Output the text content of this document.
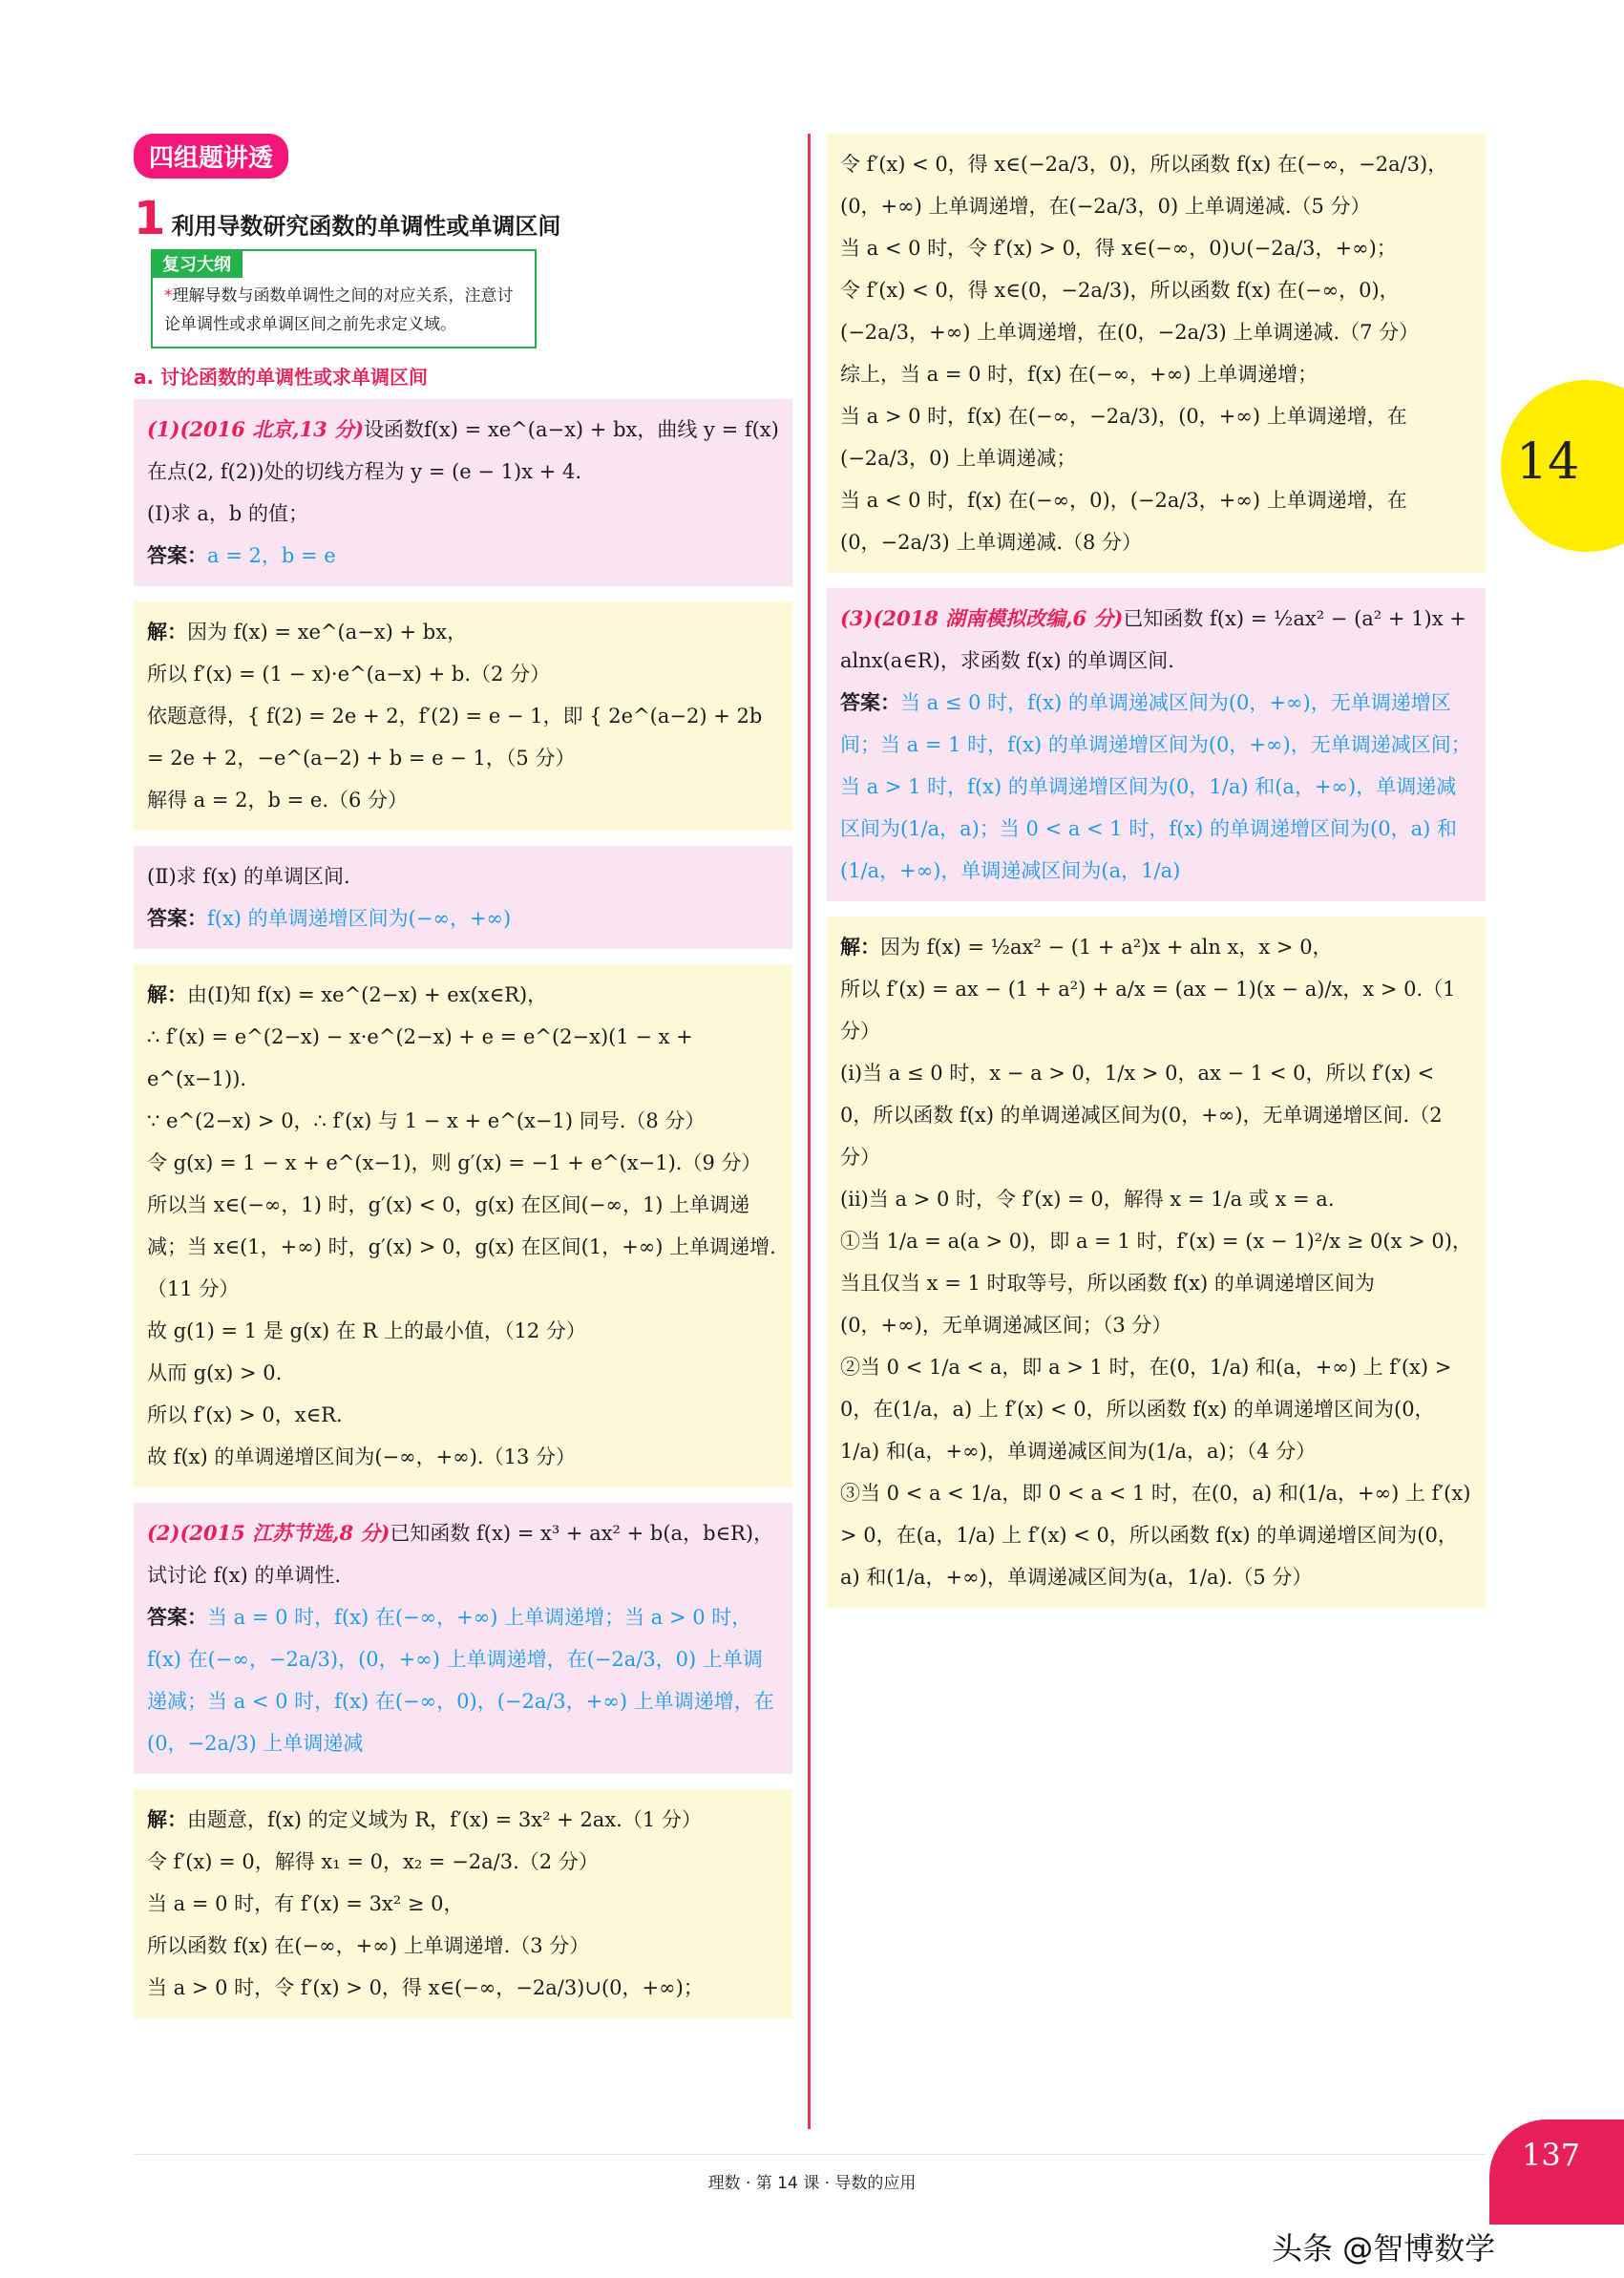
四组题讲透
1 利用导数研究函数的单调性或单调区间
复习大纲
*理解导数与函数单调性之间的对应关系，注意讨论单调性或求单调区间之前先求定义域。
a. 讨论函数的单调性或求单调区间

(1)(2016 北京,13 分)设函数f(x) = xe^(a−x) + bx，曲线 y = f(x) 在点(2, f(2))处的切线方程为 y = (e − 1)x + 4.

(Ⅰ)求 a，b 的值；

答案：a = 2，b = e

解：因为 f(x) = xe^(a−x) + bx，

所以 f′(x) = (1 − x)·e^(a−x) + b.（2 分）

依题意得，{ f(2) = 2e + 2，f′(2) = e − 1，即 { 2e^(a−2) + 2b = 2e + 2，−e^(a−2) + b = e − 1，（5 分）

解得 a = 2，b = e.（6 分）

(Ⅱ)求 f(x) 的单调区间.

答案：f(x) 的单调递增区间为(−∞，+∞)

解：由(Ⅰ)知 f(x) = xe^(2−x) + ex(x∈R)，

∴ f′(x) = e^(2−x) − x·e^(2−x) + e = e^(2−x)(1 − x + e^(x−1)).

∵ e^(2−x) > 0，∴ f′(x) 与 1 − x + e^(x−1) 同号.（8 分）

令 g(x) = 1 − x + e^(x−1)，则 g′(x) = −1 + e^(x−1).（9 分）

所以当 x∈(−∞，1) 时，g′(x) < 0，g(x) 在区间(−∞，1) 上单调递减；当 x∈(1，+∞) 时，g′(x) > 0，g(x) 在区间(1，+∞) 上单调递增.（11 分）

故 g(1) = 1 是 g(x) 在 R 上的最小值，（12 分）

从而 g(x) > 0.

所以 f′(x) > 0，x∈R.

故 f(x) 的单调递增区间为(−∞，+∞).（13 分）

(2)(2015 江苏节选,8 分)已知函数 f(x) = x³ + ax² + b(a，b∈R)，试讨论 f(x) 的单调性.

答案：当 a = 0 时，f(x) 在(−∞，+∞) 上单调递增；当 a > 0 时，f(x) 在(−∞，−2a/3)，(0，+∞) 上单调递增，在(−2a/3，0) 上单调递减；当 a < 0 时，f(x) 在(−∞，0)，(−2a/3，+∞) 上单调递增，在(0，−2a/3) 上单调递减

解：由题意，f(x) 的定义域为 R，f′(x) = 3x² + 2ax.（1 分）

令 f′(x) = 0，解得 x₁ = 0，x₂ = −2a/3.（2 分）

当 a = 0 时，有 f′(x) = 3x² ≥ 0，

所以函数 f(x) 在(−∞，+∞) 上单调递增.（3 分）

当 a > 0 时，令 f′(x) > 0，得 x∈(−∞，−2a/3)∪(0，+∞)；

令 f′(x) < 0，得 x∈(−2a/3，0)，所以函数 f(x) 在(−∞，−2a/3)，(0，+∞) 上单调递增，在(−2a/3，0) 上单调递减.（5 分）

当 a < 0 时，令 f′(x) > 0，得 x∈(−∞，0)∪(−2a/3，+∞)；

令 f′(x) < 0，得 x∈(0，−2a/3)，所以函数 f(x) 在(−∞，0)，(−2a/3，+∞) 上单调递增，在(0，−2a/3) 上单调递减.（7 分）

综上，当 a = 0 时，f(x) 在(−∞，+∞) 上单调递增；

当 a > 0 时，f(x) 在(−∞，−2a/3)，(0，+∞) 上单调递增，在(−2a/3，0) 上单调递减；

当 a < 0 时，f(x) 在(−∞，0)，(−2a/3，+∞) 上单调递增，在(0，−2a/3) 上单调递减.（8 分）

(3)(2018 湖南模拟改编,6 分)已知函数 f(x) = ½ax² − (a² + 1)x + alnx(a∈R)，求函数 f(x) 的单调区间.

答案：当 a ≤ 0 时，f(x) 的单调递减区间为(0，+∞)，无单调递增区间；当 a = 1 时，f(x) 的单调递增区间为(0，+∞)，无单调递减区间；当 a > 1 时，f(x) 的单调递增区间为(0，1/a) 和(a，+∞)，单调递减区间为(1/a，a)；当 0 < a < 1 时，f(x) 的单调递增区间为(0，a) 和(1/a，+∞)，单调递减区间为(a，1/a)

解：因为 f(x) = ½ax² − (1 + a²)x + aln x，x > 0，

所以 f′(x) = ax − (1 + a²) + a/x = (ax − 1)(x − a)/x，x > 0.（1 分）

(ⅰ)当 a ≤ 0 时，x − a > 0，1/x > 0，ax − 1 < 0，所以 f′(x) < 0，所以函数 f(x) 的单调递减区间为(0，+∞)，无单调递增区间.（2 分）

(ⅱ)当 a > 0 时，令 f′(x) = 0，解得 x = 1/a 或 x = a.

①当 1/a = a(a > 0)，即 a = 1 时，f′(x) = (x − 1)²/x ≥ 0(x > 0)，当且仅当 x = 1 时取等号，所以函数 f(x) 的单调递增区间为(0，+∞)，无单调递减区间；（3 分）

②当 0 < 1/a < a，即 a > 1 时，在(0，1/a) 和(a，+∞) 上 f′(x) > 0，在(1/a，a) 上 f′(x) < 0，所以函数 f(x) 的单调递增区间为(0，1/a) 和(a，+∞)，单调递减区间为(1/a，a)；（4 分）

③当 0 < a < 1/a，即 0 < a < 1 时，在(0，a) 和(1/a，+∞) 上 f′(x) > 0，在(a，1/a) 上 f′(x) < 0，所以函数 f(x) 的单调递增区间为(0，a) 和(1/a，+∞)，单调递减区间为(a，1/a).（5 分）

14
理数 · 第 14 课 · 导数的应用
137
头条 @智博数学
